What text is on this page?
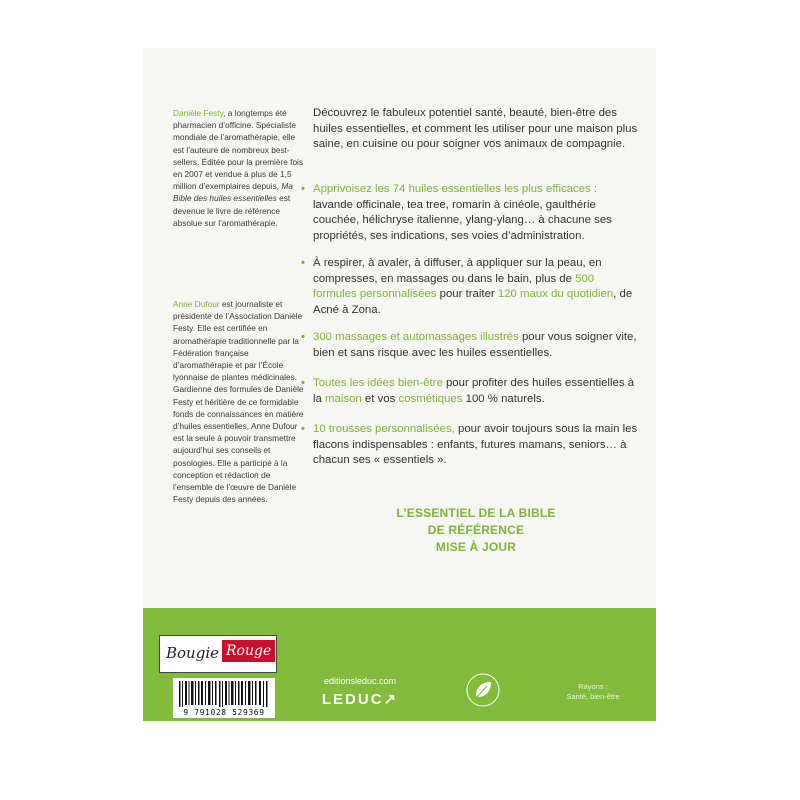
Danièle Festy, a longtemps été pharmacien d’officine. Spécialiste mondiale de l’aromathérapie, elle est l’auteure de nombreux best-sellers. Éditée pour la première fois en 2007 et vendue à plus de 1,5 million d’exemplaires depuis, Ma Bible des huiles essentielles est devenue le livre de référence absolue sur l’aromathérapie.
Anne Dufour est journaliste et présidente de l’Association Danièle Festy. Elle est certifiée en aromathérapie traditionnelle par la Fédération française d’aromathérapie et par l’École lyonnaise de plantes médicinales. Gardienne des formules de Danièle Festy et héritière de ce formidable fonds de connaissances en matière d’huiles essentielles, Anne Dufour est la seule à pouvoir transmettre aujourd’hui ses conseils et posologies. Elle a participé à la conception et rédaction de l’ensemble de l’œuvre de Danièle Festy depuis des années.
Découvrez le fabuleux potentiel santé, beauté, bien-être des huiles essentielles, et comment les utiliser pour une maison plus saine, en cuisine ou pour soigner vos animaux de compagnie.
• Apprivoisez les 74 huiles essentielles les plus efficaces : lavande officinale, tea tree, romarin à cinéole, gaulthérie couchée, hélichryse italienne, ylang-ylang… à chacune ses propriétés, ses indications, ses voies d’administration.
• À respirer, à avaler, à diffuser, à appliquer sur la peau, en compresses, en massages ou dans le bain, plus de 500 formules personnalisées pour traiter 120 maux du quotidien, de Acné à Zona.
• 300 massages et automassages illustrés pour vous soigner vite, bien et sans risque avec les huiles essentielles.
• Toutes les idées bien-être pour profiter des huiles essentielles à la maison et vos cosmétiques 100 % naturels.
• 10 trousses personnalisées, pour avoir toujours sous la main les flacons indispensables : enfants, futures mamans, seniors… à chacun ses « essentiels ».
L’ESSENTIEL DE LA BIBLE
DE RÉFÉRENCE
MISE À JOUR
Bougie Rouge
9 791028 529369
editionsleduc.com
LEDUC↗
Rayons :
Santé, bien-être
